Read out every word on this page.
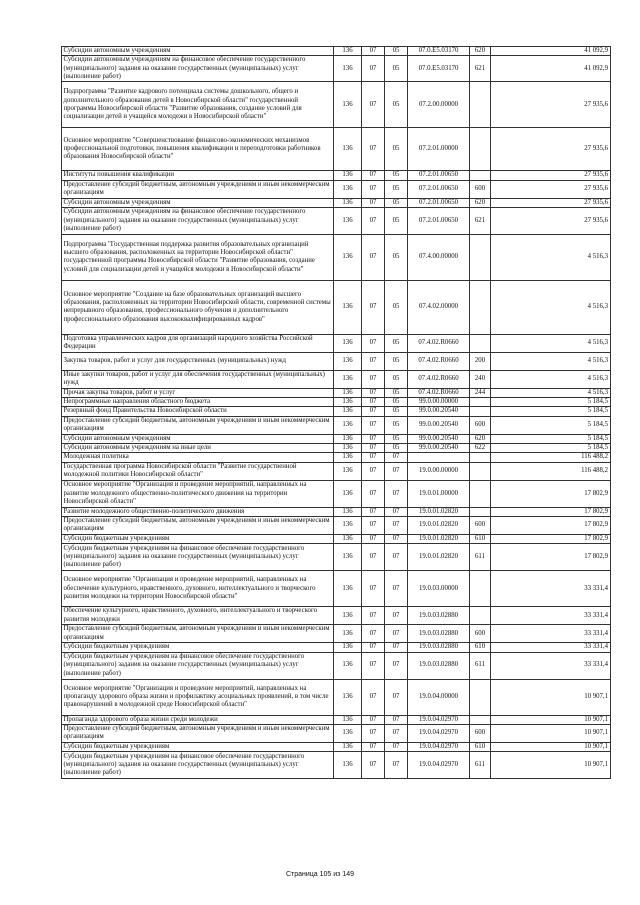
Субсидии автономным учреждениям	136	07	05	07.0.E5.03170	620	41 092,9
Субсидии автономным учреждениям на финансовое обеспечение государственного (муниципального) задания на оказание государственных (муниципальных) услуг (выполнение работ)	136	07	05	07.0.E5.03170	621	41 092,9
Подпрограмма "Развитие кадрового потенциала системы дошкольного, общего и дополнительного образования детей в Новосибирской области" государственной программы Новосибирской области "Развитие образования, создание условий для социализации детей и учащейся молодежи в Новосибирской области"	136	07	05	07.2.00.00000		27 935,6
Основное мероприятие "Совершенствование финансово-экономических механизмов профессиональной подготовки, повышения квалификации и переподготовки работников образования Новосибирской области"	136	07	05	07.2.01.00000		27 935,6
Институты повышения квалификации	136	07	05	07.2.01.00650		27 935,6
Предоставление субсидий бюджетным, автономным учреждениям и иным некоммерческим организациям	136	07	05	07.2.01.00650	600	27 935,6
Субсидии автономным учреждениям	136	07	05	07.2.01.00650	620	27 935,6
Субсидии автономным учреждениям на финансовое обеспечение государственного (муниципального) задания на оказание государственных (муниципальных) услуг (выполнение работ)	136	07	05	07.2.01.00650	621	27 935,6
Подпрограмма "Государственная поддержка развития образовательных организаций высшего образования, расположенных на территории Новосибирской области" государственной программы Новосибирской области "Развитие образования, создание условий для социализации детей и учащейся молодежи в Новосибирской области"	136	07	05	07.4.00.00000		4 516,3
Основное мероприятие "Создание на базе образовательных организаций высшего образования, расположенных на территории Новосибирской области, современной системы непрерывного образования, профессионального обучения и дополнительного профессионального образования высококвалифицированных кадров"	136	07	05	07.4.02.00000		4 516,3
Подготовка управленческих кадров для организаций народного хозяйства Российской Федерации	136	07	05	07.4.02.R0660		4 516,3
Закупка товаров, работ и услуг для государственных (муниципальных) нужд	136	07	05	07.4.02.R0660	200	4 516,3
Иные закупки товаров, работ и услуг для обеспечения государственных (муниципальных) нужд	136	07	05	07.4.02.R0660	240	4 516,3
Прочая закупка товаров, работ и услуг	136	07	05	07.4.02.R0660	244	4 516,3
Непрограммные направления областного бюджета	136	07	05	99.0.00.00000		5 184,5
Резервный фонд Правительства Новосибирской области	136	07	05	99.0.00.20540		5 184,5
Предоставление субсидий бюджетным, автономным учреждениям и иным некоммерческим организациям	136	07	05	99.0.00.20540	600	5 184,5
Субсидии автономным учреждениям	136	07	05	99.0.00.20540	620	5 184,5
Субсидии автономным учреждениям на иные цели	136	07	05	99.0.00.20540	622	5 184,5
Молодежная политика	136	07	07			116 488,2
Государственная программа Новосибирской области "Развитие государственной молодежной политики Новосибирской области"	136	07	07	19.0.00.00000		116 488,2
Основное мероприятие "Организация и проведение мероприятий, направленных на развитие молодежного общественно-политического движения на территории Новосибирской области"	136	07	07	19.0.01.00000		17 802,9
Развитие молодежного общественно-политического движения	136	07	07	19.0.01.02820		17 802,9
Предоставление субсидий бюджетным, автономным учреждениям и иным некоммерческим организациям	136	07	07	19.0.01.02820	600	17 802,9
Субсидии бюджетным учреждениям	136	07	07	19.0.01.02820	610	17 802,9
Субсидии бюджетным учреждениям на финансовое обеспечение государственного (муниципального) задания на оказание государственных (муниципальных) услуг (выполнение работ)	136	07	07	19.0.01.02820	611	17 802,9
Основное мероприятие "Организация и проведение мероприятий, направленных на обеспечение культурного, нравственного, духовного, интеллектуального и творческого развития молодежи на территории Новосибирской области"	136	07	07	19.0.03.00000		33 331,4
Обеспечение культурного, нравственного, духовного, интеллектуального и творческого развития молодежи	136	07	07	19.0.03.02880		33 331,4
Предоставление субсидий бюджетным, автономным учреждениям и иным некоммерческим организациям	136	07	07	19.0.03.02880	600	33 331,4
Субсидии бюджетным учреждениям	136	07	07	19.0.03.02880	610	33 331,4
Субсидии бюджетным учреждениям на финансовое обеспечение государственного (муниципального) задания на оказание государственных (муниципальных) услуг (выполнение работ)	136	07	07	19.0.03.02880	611	33 331,4
Основное мероприятие "Организация и проведение мероприятий, направленных на пропаганду здорового образа жизни и профилактику асоциальных проявлений, в том числе правонарушений в молодежной среде Новосибирской области"	136	07	07	19.0.04.00000		10 907,1
Пропаганда здорового образа жизни среди молодежи	136	07	07	19.0.04.02970		10 907,1
Предоставление субсидий бюджетным, автономным учреждениям и иным некоммерческим организациям	136	07	07	19.0.04.02970	600	10 907,1
Субсидии бюджетным учреждениям	136	07	07	19.0.04.02970	610	10 907,1
Субсидии бюджетным учреждениям на финансовое обеспечение государственного (муниципального) задания на оказание государственных (муниципальных) услуг (выполнение работ)	136	07	07	19.0.04.02970	611	10 907,1
Страница 105 из 149
